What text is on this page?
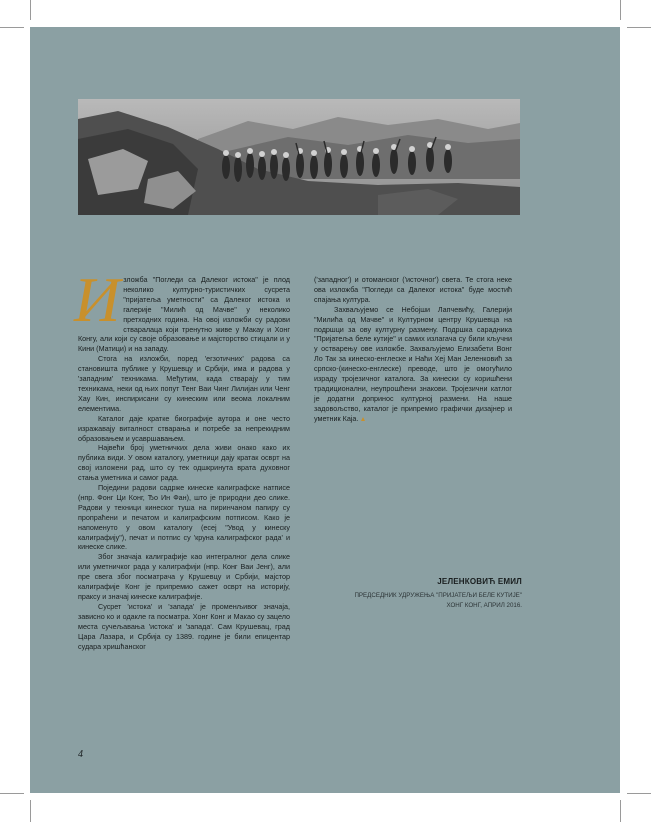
Изложба "Погледи са Далеког истока" је плод неколико културно-туристичких сусрета "пријатеља уметности" са Далеког истока и галерије "Милић од Мачве" у неколико претходних година. На овој изложби су радови стваралаца који тренутно живе у Макау и Хонг Конгу, али који су своје образовање и мајсторство стицали и у Кини (Матици) и на западу.

Стога на изложби, поред 'егзотичних' радова са становишта публике у Крушевцу и Србији, има и радова у 'западним' техникама. Међутим, када стварају у тим техникама, неки од њих попут Тенг Ваи Чинг Лилијан или Ченг Хау Кин, инспирисани су кинеским или веома локалним елементима.

Каталог даје кратке биографије аутора и оне често изражавају виталност стварања и потребе за непрекидним образовањем и усавршавањем.

Највећи број уметничких дела живи онако како их публика види. У овом каталогу, уметници дају кратак осврт на свој изложени рад, што су тек одшкринута врата духовног стања уметника и самог рада.

Поједини радови садрже кинеске калиграфске натписе (нпр. Фонг Ци Конг, Ђо Ин Фан), што је природни део слике. Радови у техници кинеског туша на пиринчаном папиру су пропраћени и печатом и калиграфским потписом. Како је напоменуто у овом каталогу (есеј "Увод у кинеску калиграфију"), печат и потпис су 'круна калиграфског рада' и кинеске слике.

Због значаја калиграфије као интегралног дела слике или уметничког рада у калиграфији (нпр. Конг Ваи Јенг), али пре свега због посматрача у Крушевцу и Србији, мајстор калиграфије Конг је припремио сажет осврт на историју, праксу и значај кинеске калиграфије.

Сусрет 'истока' и 'запада' је променљивог значаја, зависно ко и одакле га посматра. Хонг Конг и Макао су зацело места сучељавања 'истока' и 'запада'. Сам Крушевац, град Цара Лазара, и Србија су 1389. године је били епицентар судара хришћанског

('западног') и отоманског ('источног') света. Те стога неке ова изложба "Погледи са Далеког истока" буде мостић спајања култура.

Захваљујемо се Небојши Лапчевићу, Галерији "Милића од Мачве" и Културном центру Крушевца на подршци за ову културну размену. Подршка сарадника "Пријатеља беле кутије" и самих излагача су били кључни у остварењу ове изложбе. Захваљујемо Елизабети Вонг Ло Так за кинеско-енглеске и Наћи Хеј Ман Јеленковић за српско-(кинеско-енглеске) преводе, што је омогућило израду тројезичног каталога. За кинески су коришћени традиционални, неупрошћени знакови. Тројезични катлог је додатни допринос културној размени. На наше задовољство, каталог је припремио графички дизајнер и уметник Каја.

ЈЕЛЕНКОВИЋ ЕМИЛ
ПРЕДСЕДНИК УДРУЖЕЊА "ПРИЈАТЕЉИ БЕЛЕ КУТИЈЕ"
ХОНГ КОНГ, АПРИЛ 2016.
4
